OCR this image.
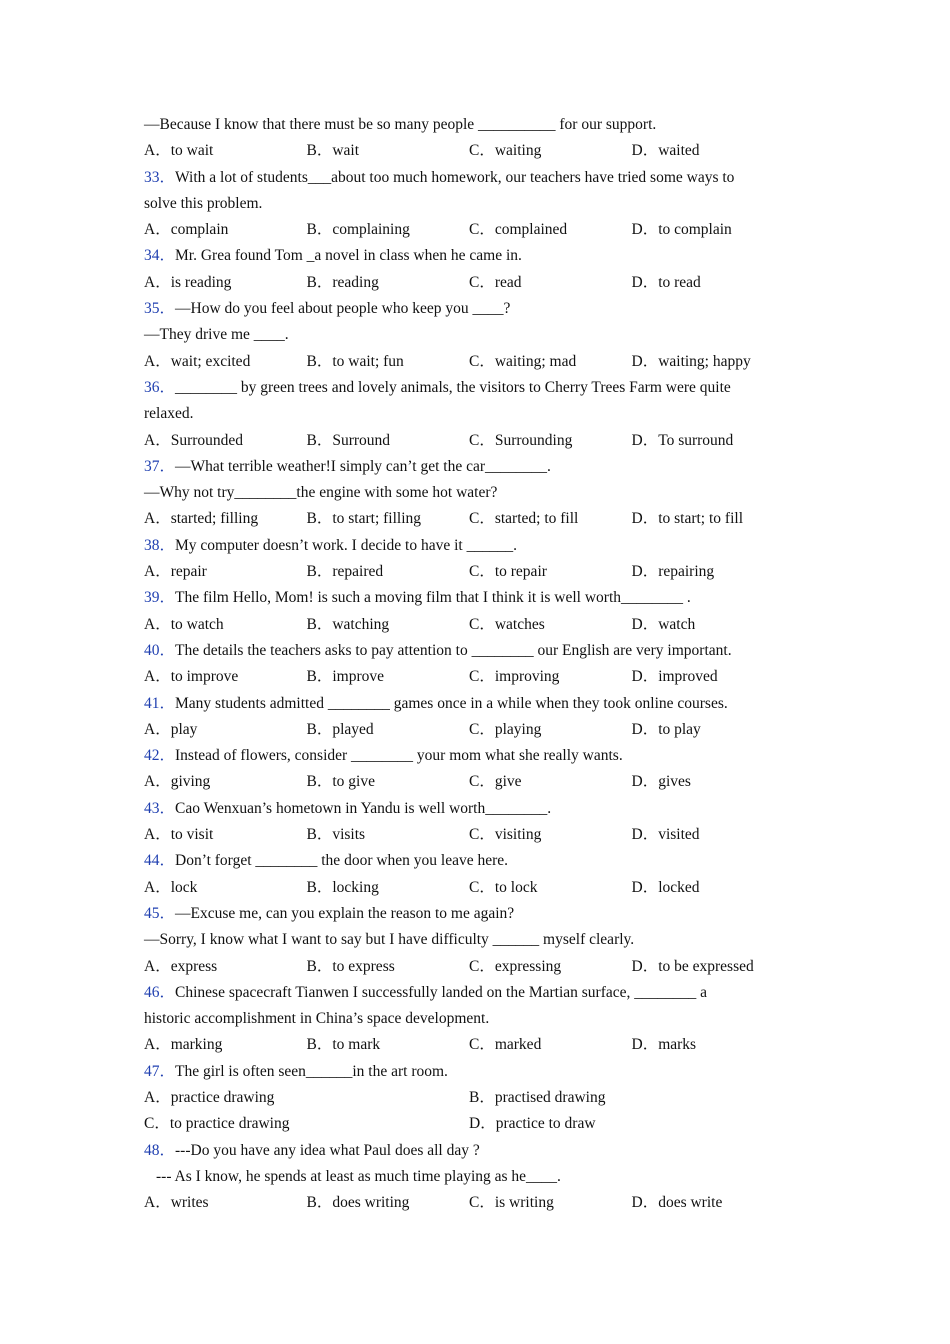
—Because I know that there must be so many people __________ for our support.
A．to wait	B．wait	C．waiting	D．waited
33．With a lot of students___about too much homework, our teachers have tried some ways to
solve this problem.
A．complain	B．complaining	C．complained	D．to complain
34．Mr. Grea found Tom _a novel in class when he came in.
A．is reading	B．reading	C．read	D．to read
35．—How do you feel about people who keep you ____?
—They drive me ____.
A．wait; excited	B．to wait; fun	C．waiting; mad	D．waiting; happy
36．________ by green trees and lovely animals, the visitors to Cherry Trees Farm were quite
relaxed.
A．Surrounded	B．Surround	C．Surrounding	D．To surround
37．—What terrible weather!I simply can’t get the car________.
—Why not try________the engine with some hot water?
A．started; filling	B．to start; filling	C．started; to fill	D．to start; to fill
38．My computer doesn’t work. I decide to have it ______.
A．repair	B．repaired	C．to repair	D．repairing
39．The film Hello, Mom! is such a moving film that I think it is well worth________ .
A．to watch	B．watching	C．watches	D．watch
40．The details the teachers asks to pay attention to ________ our English are very important.
A．to improve	B．improve	C．improving	D．improved
41．Many students admitted ________ games once in a while when they took online courses.
A．play	B．played	C．playing	D．to play
42．Instead of flowers, consider ________ your mom what she really wants.
A．giving	B．to give	C．give	D．gives
43．Cao Wenxuan’s hometown in Yandu is well worth________.
A．to visit	B．visits	C．visiting	D．visited
44．Don’t forget ________ the door when you leave here.
A．lock	B．locking	C．to lock	D．locked
45．—Excuse me, can you explain the reason to me again?
—Sorry, I know what I want to say but I have difficulty ______ myself clearly.
A．express	B．to express	C．expressing	D．to be expressed
46．Chinese spacecraft Tianwen I successfully landed on the Martian surface, ________ a
historic accomplishment in China’s space development.
A．marking	B．to mark	C．marked	D．marks
47．The girl is often seen______in the art room.
A．practice drawing	B．practised drawing
C．to practice drawing	D．practice to draw
48．---Do you have any idea what Paul does all day ?
--- As I know, he spends at least as much time playing as he____.
A．writes	B．does writing	C．is writing	D．does write
